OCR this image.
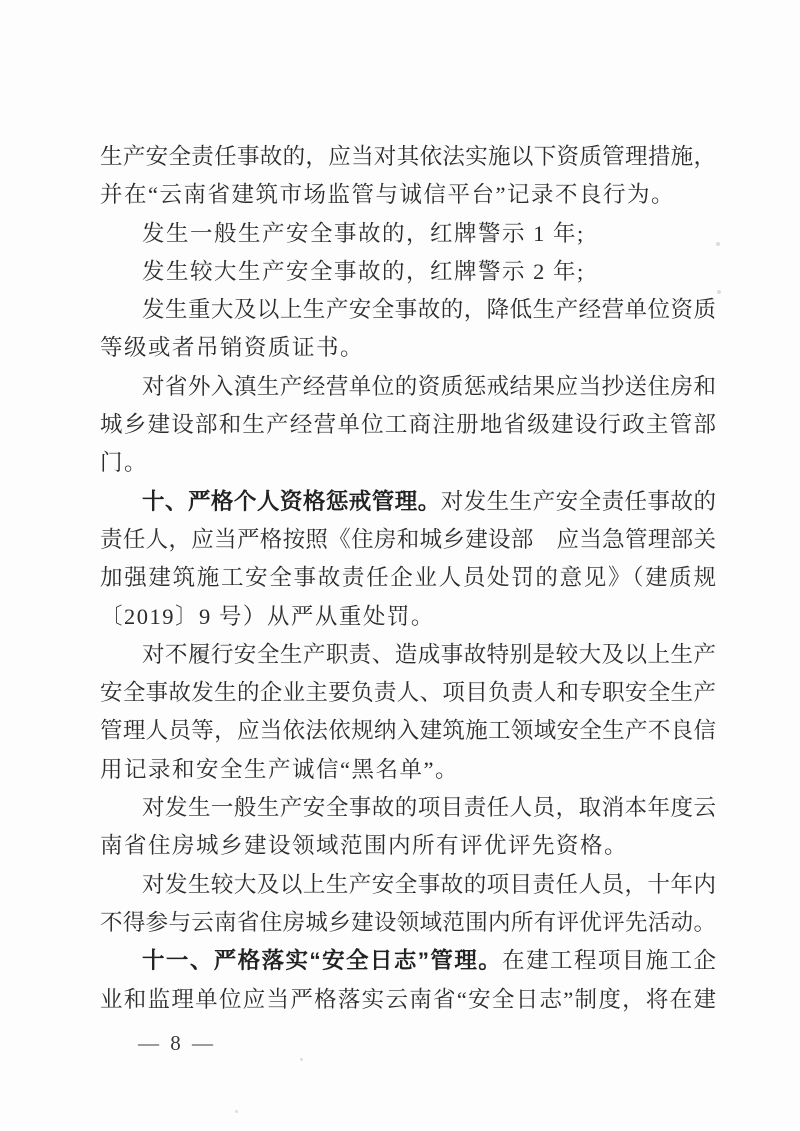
生产安全责任事故的，应当对其依法实施以下资质管理措施，
并在“云南省建筑市场监管与诚信平台”记录不良行为。
发生一般生产安全事故的，红牌警示 1 年;
发生较大生产安全事故的，红牌警示 2 年;
发生重大及以上生产安全事故的，降低生产经营单位资质
等级或者吊销资质证书。
对省外入滇生产经营单位的资质惩戒结果应当抄送住房和
城乡建设部和生产经营单位工商注册地省级建设行政主管部
门。
十、严格个人资格惩戒管理。对发生生产安全责任事故的
责任人，应当严格按照《住房和城乡建设部　应当急管理部关
加强建筑施工安全事故责任企业人员处罚的意见》（建质规
〔2019〕9 号）从严从重处罚。
对不履行安全生产职责、造成事故特别是较大及以上生产
安全事故发生的企业主要负责人、项目负责人和专职安全生产
管理人员等，应当依法依规纳入建筑施工领域安全生产不良信
用记录和安全生产诚信“黑名单”。
对发生一般生产安全事故的项目责任人员，取消本年度云
南省住房城乡建设领域范围内所有评优评先资格。
对发生较大及以上生产安全事故的项目责任人员，十年内
不得参与云南省住房城乡建设领域范围内所有评优评先活动。
十一、严格落实“安全日志”管理。在建工程项目施工企
业和监理单位应当严格落实云南省“安全日志”制度，将在建
— 8 —
